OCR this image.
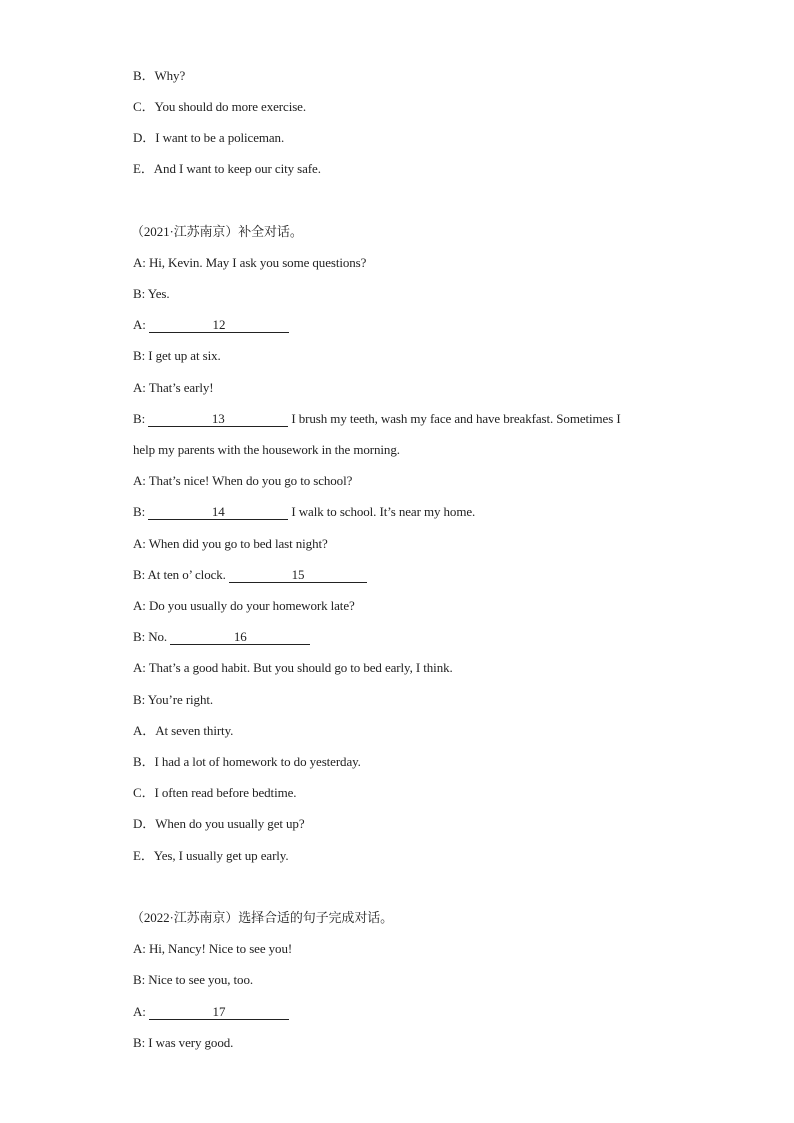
B．Why?
C．You should do more exercise.
D．I want to be a policeman.
E．And I want to keep our city safe.
（2021·江苏南京）补全对话。
A: Hi, Kevin. May I ask you some questions?
B: Yes.
A:	12
B: I get up at six.
A: That’s early!
B:	13	I brush my teeth, wash my face and have breakfast. Sometimes I
help my parents with the housework in the morning.
A: That’s nice! When do you go to school?
B:	14	I walk to school. It’s near my home.
A: When did you go to bed last night?
B: At ten o’ clock.	15
A: Do you usually do your homework late?
B: No.	16
A: That’s a good habit. But you should go to bed early, I think.
B: You’re right.
A．At seven thirty.
B．I had a lot of homework to do yesterday.
C．I often read before bedtime.
D．When do you usually get up?
E．Yes, I usually get up early.
（2022·江苏南京）选择合适的句子完成对话。
A: Hi, Nancy! Nice to see you!
B: Nice to see you, too.
A:	17
B: I was very good.
